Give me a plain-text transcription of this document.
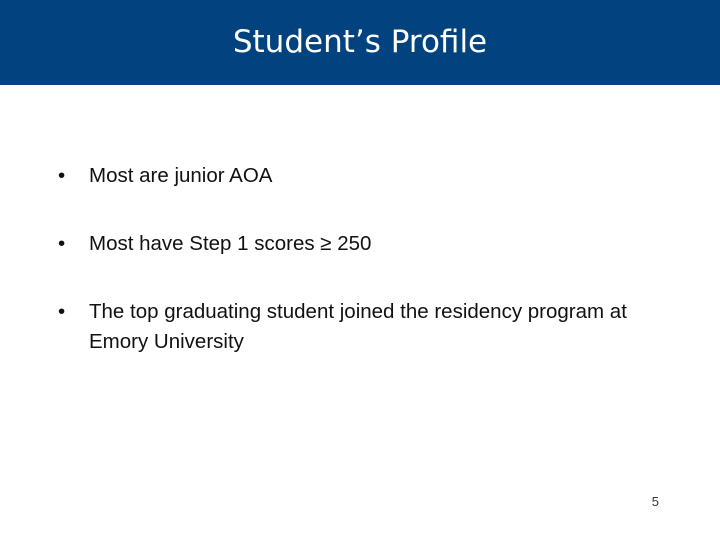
Student’s Profile
•	Most are junior AOA
•	Most have Step 1 scores ≥ 250
•	The top graduating student joined the residency program at Emory University
5
